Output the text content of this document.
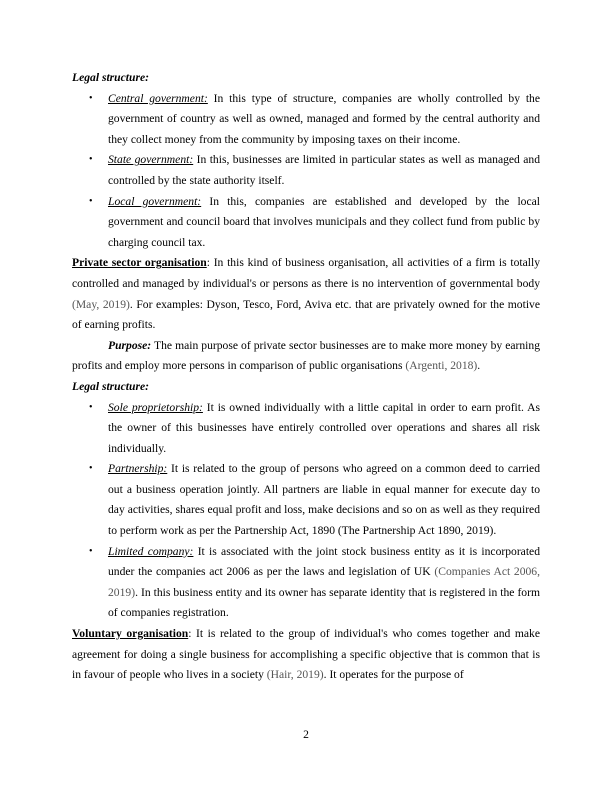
Legal structure:

• Central government: In this type of structure, companies are wholly controlled by the government of country as well as owned, managed and formed by the central authority and they collect money from the community by imposing taxes on their income.
• State government: In this, businesses are limited in particular states as well as managed and controlled by the state authority itself.
• Local government: In this, companies are established and developed by the local government and council board that involves municipals and they collect fund from public by charging council tax.

Private sector organisation: In this kind of business organisation, all activities of a firm is totally controlled and managed by individual's or persons as there is no intervention of governmental body (May, 2019). For examples: Dyson, Tesco, Ford, Aviva etc. that are privately owned for the motive of earning profits.

Purpose: The main purpose of private sector businesses are to make more money by earning profits and employ more persons in comparison of public organisations (Argenti, 2018).

Legal structure:

• Sole proprietorship: It is owned individually with a little capital in order to earn profit. As the owner of this businesses have entirely controlled over operations and shares all risk individually.
• Partnership: It is related to the group of persons who agreed on a common deed to carried out a business operation jointly. All partners are liable in equal manner for execute day to day activities, shares equal profit and loss, make decisions and so on as well as they required to perform work as per the Partnership Act, 1890 (The Partnership Act 1890, 2019).
• Limited company: It is associated with the joint stock business entity as it is incorporated under the companies act 2006 as per the laws and legislation of UK (Companies Act 2006, 2019). In this business entity and its owner has separate identity that is registered in the form of companies registration.

Voluntary organisation: It is related to the group of individual's who comes together and make agreement for doing a single business for accomplishing a specific objective that is common that is in favour of people who lives in a society (Hair, 2019). It operates for the purpose of

2
